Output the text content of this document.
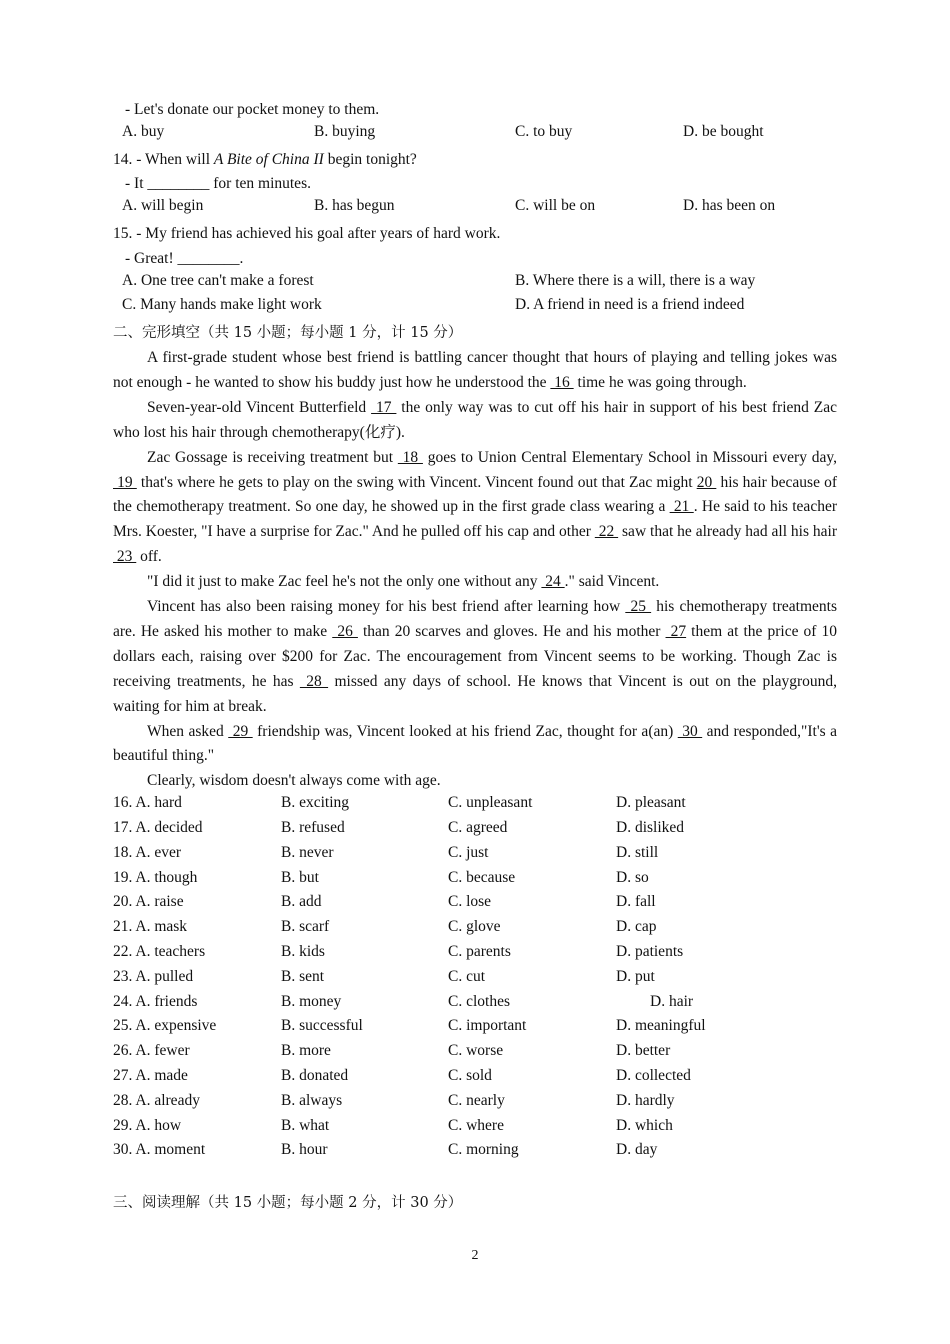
- Let's donate our pocket money to them.
A. buy	B. buying	C. to buy	D. be bought
14. - When will A Bite of China II begin tonight?
- It ________ for ten minutes.
A. will begin	B. has begun	C. will be on	D. has been on
15. - My friend has achieved his goal after years of hard work.
- Great! ________.
A. One tree can't make a forest	B. Where there is a will, there is a way
C. Many hands make light work	D. A friend in need is a friend indeed
二、完形填空（共 15 小题；每小题 1 分，计 15 分）

A first-grade student whose best friend is battling cancer thought that hours of playing and telling jokes was not enough - he wanted to show his buddy just how he understood the  16  time he was going through.

Seven-year-old Vincent Butterfield  17  the only way was to cut off his hair in support of his best friend Zac who lost his hair through chemotherapy(化疗).

Zac Gossage is receiving treatment but  18  goes to Union Central Elementary School in Missouri every day,  19  that's where he gets to play on the swing with Vincent. Vincent found out that Zac might 20  his hair because of the chemotherapy treatment. So one day, he showed up in the first grade class wearing a  21 . He said to his teacher Mrs. Koester, "I have a surprise for Zac." And he pulled off his cap and other  22  saw that he already had all his hair  23  off.

"I did it just to make Zac feel he's not the only one without any  24 ." said Vincent.

Vincent has also been raising money for his best friend after learning how  25  his chemotherapy treatments are. He asked his mother to make  26  than 20 scarves and gloves. He and his mother  27 them at the price of 10 dollars each, raising over $200 for Zac. The encouragement from Vincent seems to be working. Though Zac is receiving treatments, he has  28  missed any days of school. He knows that Vincent is out on the playground, waiting for him at break.

When asked  29  friendship was, Vincent looked at his friend Zac, thought for a(an)  30  and responded,"It's a beautiful thing."

Clearly, wisdom doesn't always come with age.

16. A. hard	B. exciting	C. unpleasant	D. pleasant
17. A. decided	B. refused	C. agreed	D. disliked
18. A. ever	B. never	C. just	D. still
19. A. though	B. but	C. because	D. so
20. A. raise	B. add	C. lose	D. fall
21. A. mask	B. scarf	C. glove	D. cap
22. A. teachers	B. kids	C. parents	D. patients
23. A. pulled	B. sent	C. cut	D. put
24. A. friends	B. money	C. clothes	D. hair
25. A. expensive	B. successful	C. important	D. meaningful
26. A. fewer	B. more	C. worse	D. better
27. A. made	B. donated	C. sold	D. collected
28. A. already	B. always	C. nearly	D. hardly
29. A. how	B. what	C. where	D. which
30. A. moment	B. hour	C. morning	D. day
三、阅读理解（共 15 小题；每小题 2 分，计 30 分）
2
